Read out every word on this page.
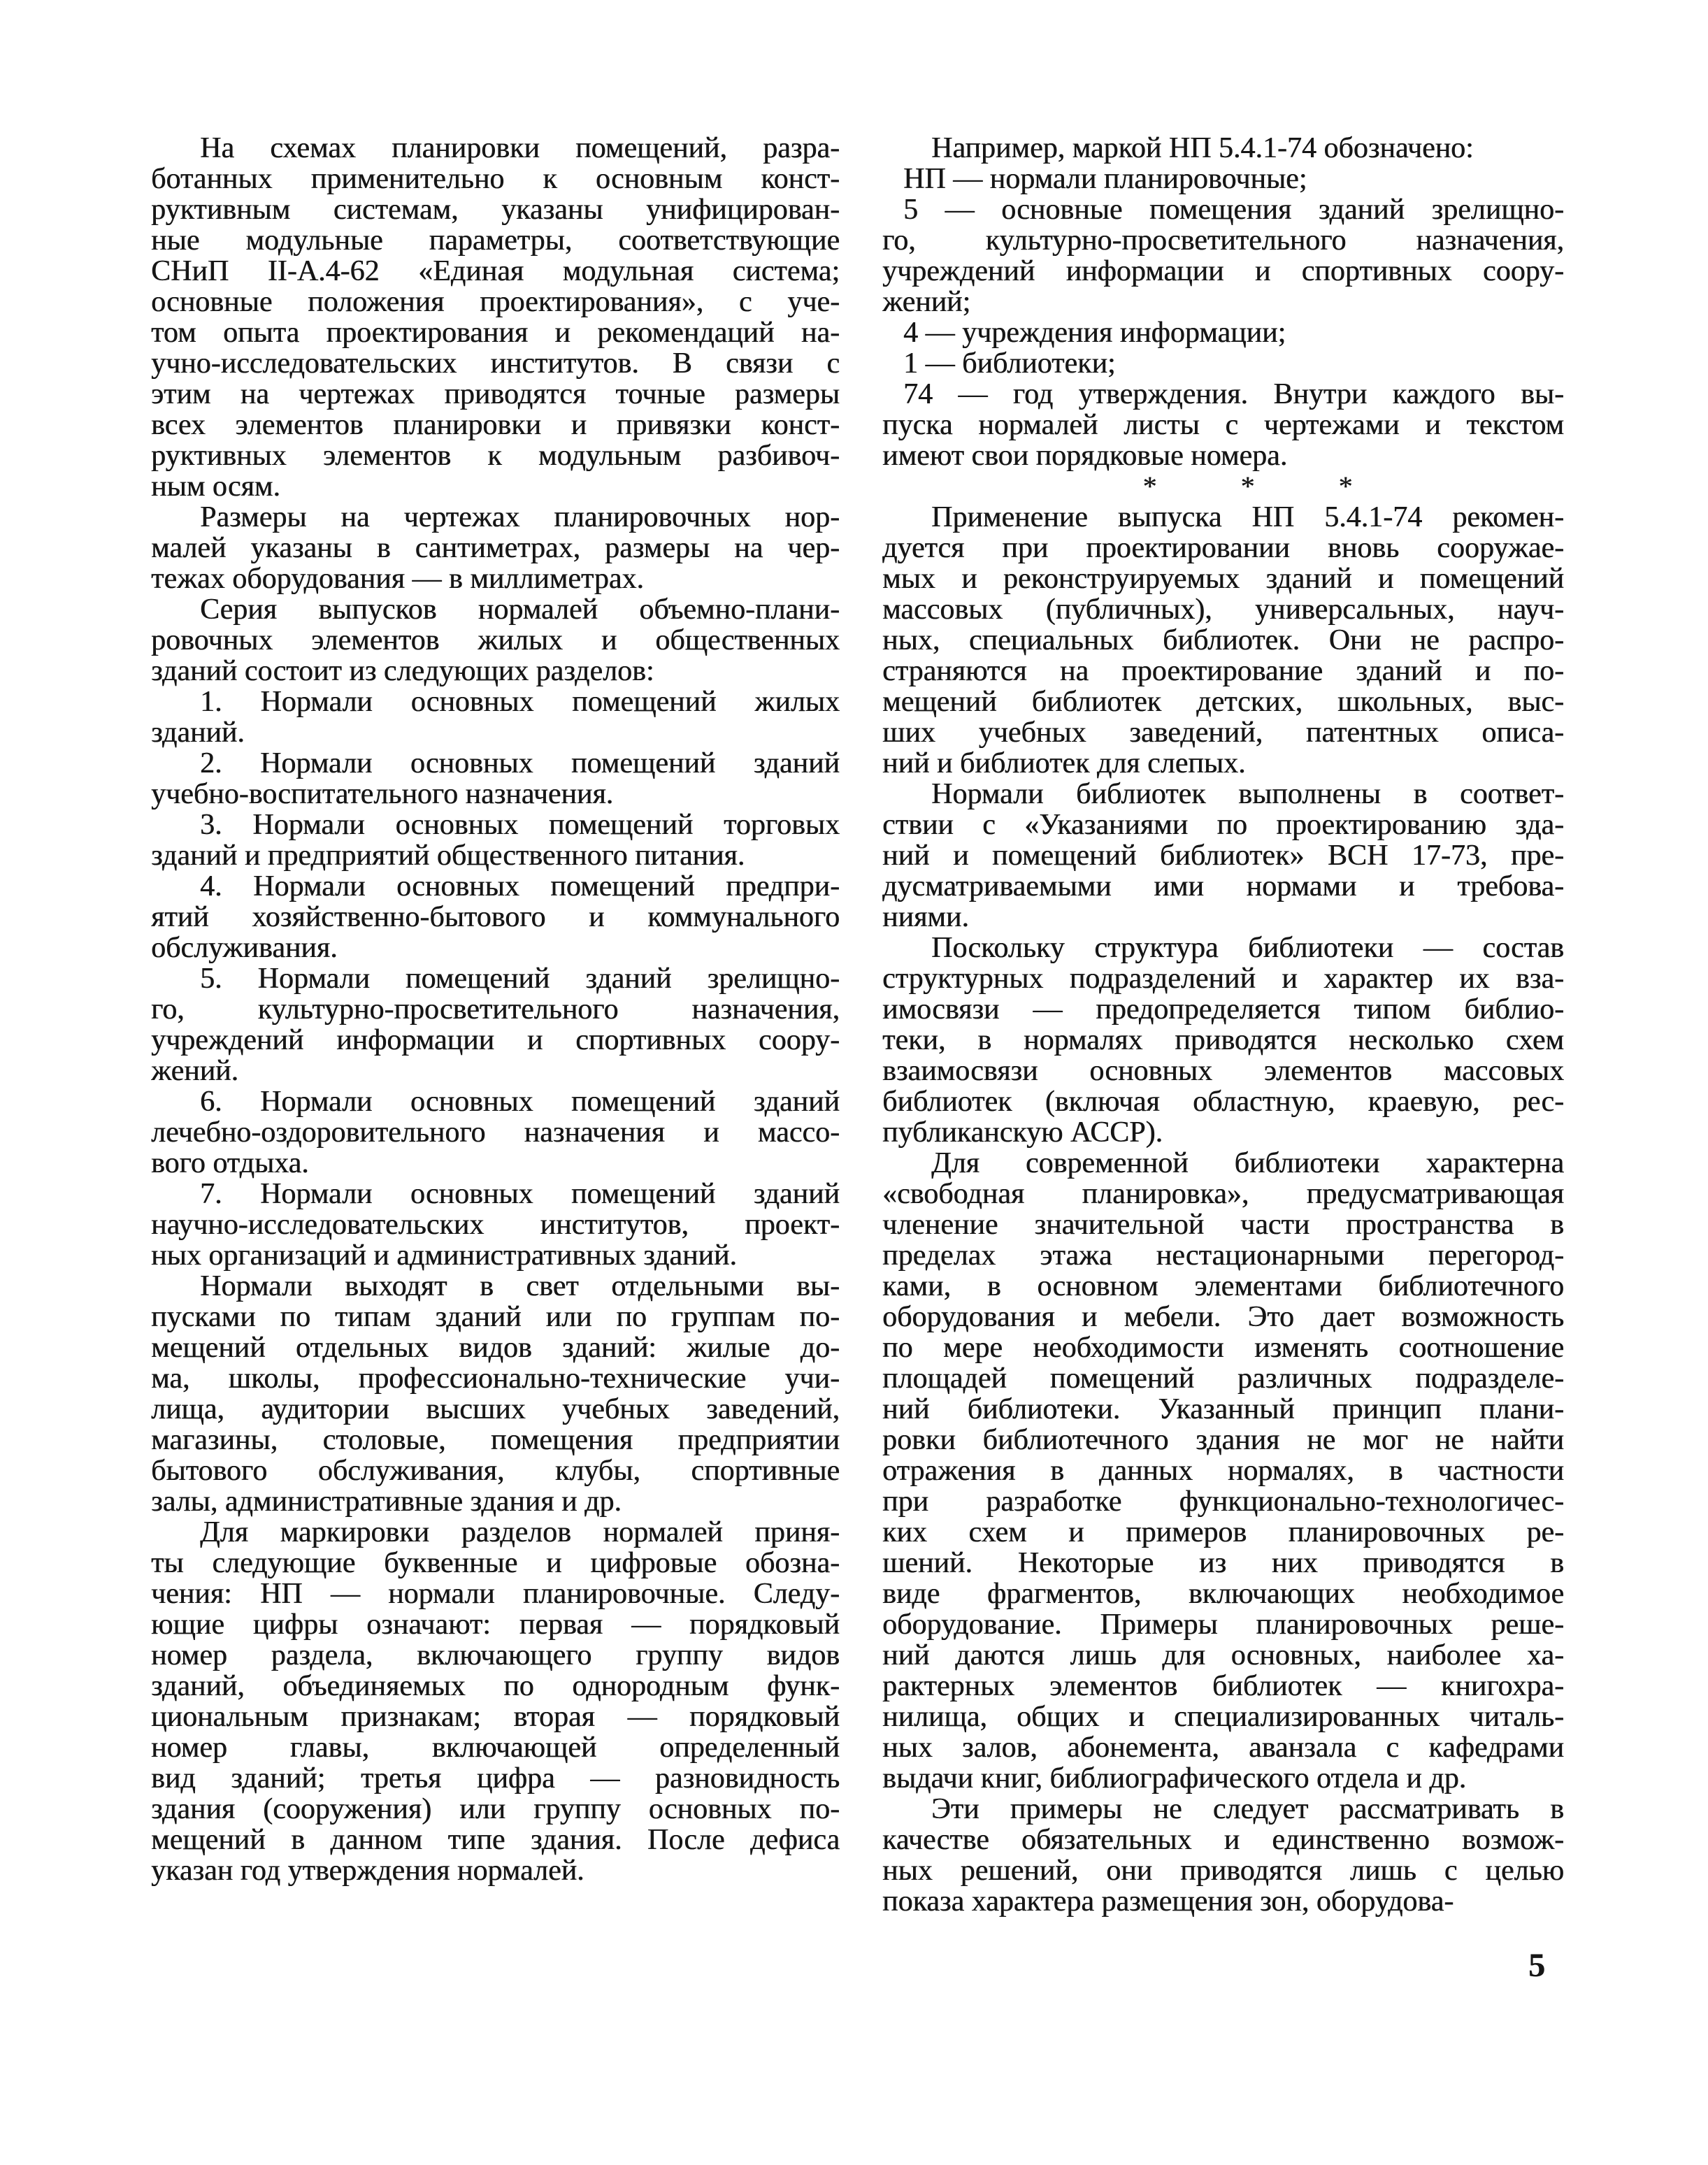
На схемах планировки помещений, разра-
ботанных применительно к основным конст-
руктивным системам, указаны унифицирован-
ные модульные параметры, соответствующие
СНиП II-А.4-62 «Единая модульная система;
основные положения проектирования», с уче-
том опыта проектирования и рекомендаций на-
учно-исследовательских институтов. В связи с
этим на чертежах приводятся точные размеры
всех элементов планировки и привязки конст-
руктивных элементов к модульным разбивоч-
ным осям.
Размеры на чертежах планировочных нор-
малей указаны в сантиметрах, размеры на чер-
тежах оборудования — в миллиметрах.
Серия выпусков нормалей объемно-плани-
ровочных элементов жилых и общественных
зданий состоит из следующих разделов:
1. Нормали основных помещений жилых
зданий.
2. Нормали основных помещений зданий
учебно-воспитательного назначения.
3. Нормали основных помещений торговых
зданий и предприятий общественного питания.
4. Нормали основных помещений предпри-
ятий хозяйственно-бытового и коммунального
обслуживания.
5. Нормали помещений зданий зрелищно-
го, культурно-просветительного назначения,
учреждений информации и спортивных соору-
жений.
6. Нормали основных помещений зданий
лечебно-оздоровительного назначения и массо-
вого отдыха.
7. Нормали основных помещений зданий
научно-исследовательских институтов, проект-
ных организаций и административных зданий.
Нормали выходят в свет отдельными вы-
пусками по типам зданий или по группам по-
мещений отдельных видов зданий: жилые до-
ма, школы, профессионально-технические учи-
лища, аудитории высших учебных заведений,
магазины, столовые, помещения предприятии
бытового обслуживания, клубы, спортивные
залы, административные здания и др.
Для маркировки разделов нормалей приня-
ты следующие буквенные и цифровые обозна-
чения: НП — нормали планировочные. Следу-
ющие цифры означают: первая — порядковый
номер раздела, включающего группу видов
зданий, объединяемых по однородным функ-
циональным признакам; вторая — порядковый
номер главы, включающей определенный
вид зданий; третья цифра — разновидность
здания (сооружения) или группу основных по-
мещений в данном типе здания. После дефиса
указан год утверждения нормалей.
Например, маркой НП 5.4.1-74 обозначено:
НП — нормали планировочные;
5 — основные помещения зданий зрелищно-
го, культурно-просветительного назначения,
учреждений информации и спортивных соору-
жений;
4 — учреждения информации;
1 — библиотеки;
74 — год утверждения. Внутри каждого вы-
пуска нормалей листы с чертежами и текстом
имеют свои порядковые номера.
* * *
Применение выпуска НП 5.4.1-74 рекомен-
дуется при проектировании вновь сооружае-
мых и реконструируемых зданий и помещений
массовых (публичных), универсальных, науч-
ных, специальных библиотек. Они не распро-
страняются на проектирование зданий и по-
мещений библиотек детских, школьных, выс-
ших учебных заведений, патентных описа-
ний и библиотек для слепых.
Нормали библиотек выполнены в соответ-
ствии с «Указаниями по проектированию зда-
ний и помещений библиотек» ВСН 17-73, пре-
дусматриваемыми ими нормами и требова-
ниями.
Поскольку структура библиотеки — состав
структурных подразделений и характер их вза-
имосвязи — предопределяется типом библио-
теки, в нормалях приводятся несколько схем
взаимосвязи основных элементов массовых
библиотек (включая областную, краевую, рес-
публиканскую АССР).
Для современной библиотеки характерна
«свободная планировка», предусматривающая
членение значительной части пространства в
пределах этажа нестационарными перегород-
ками, в основном элементами библиотечного
оборудования и мебели. Это дает возможность
по мере необходимости изменять соотношение
площадей помещений различных подразделе-
ний библиотеки. Указанный принцип плани-
ровки библиотечного здания не мог не найти
отражения в данных нормалях, в частности
при разработке функционально-технологичес-
ких схем и примеров планировочных ре-
шений. Некоторые из них приводятся в
виде фрагментов, включающих необходимое
оборудование. Примеры планировочных реше-
ний даются лишь для основных, наиболее ха-
рактерных элементов библиотек — книгохра-
нилища, общих и специализированных читаль-
ных залов, абонемента, аванзала с кафедрами
выдачи книг, библиографического отдела и др.
Эти примеры не следует рассматривать в
качестве обязательных и единственно возмож-
ных решений, они приводятся лишь с целью
показа характера размещения зон, оборудова-
5
